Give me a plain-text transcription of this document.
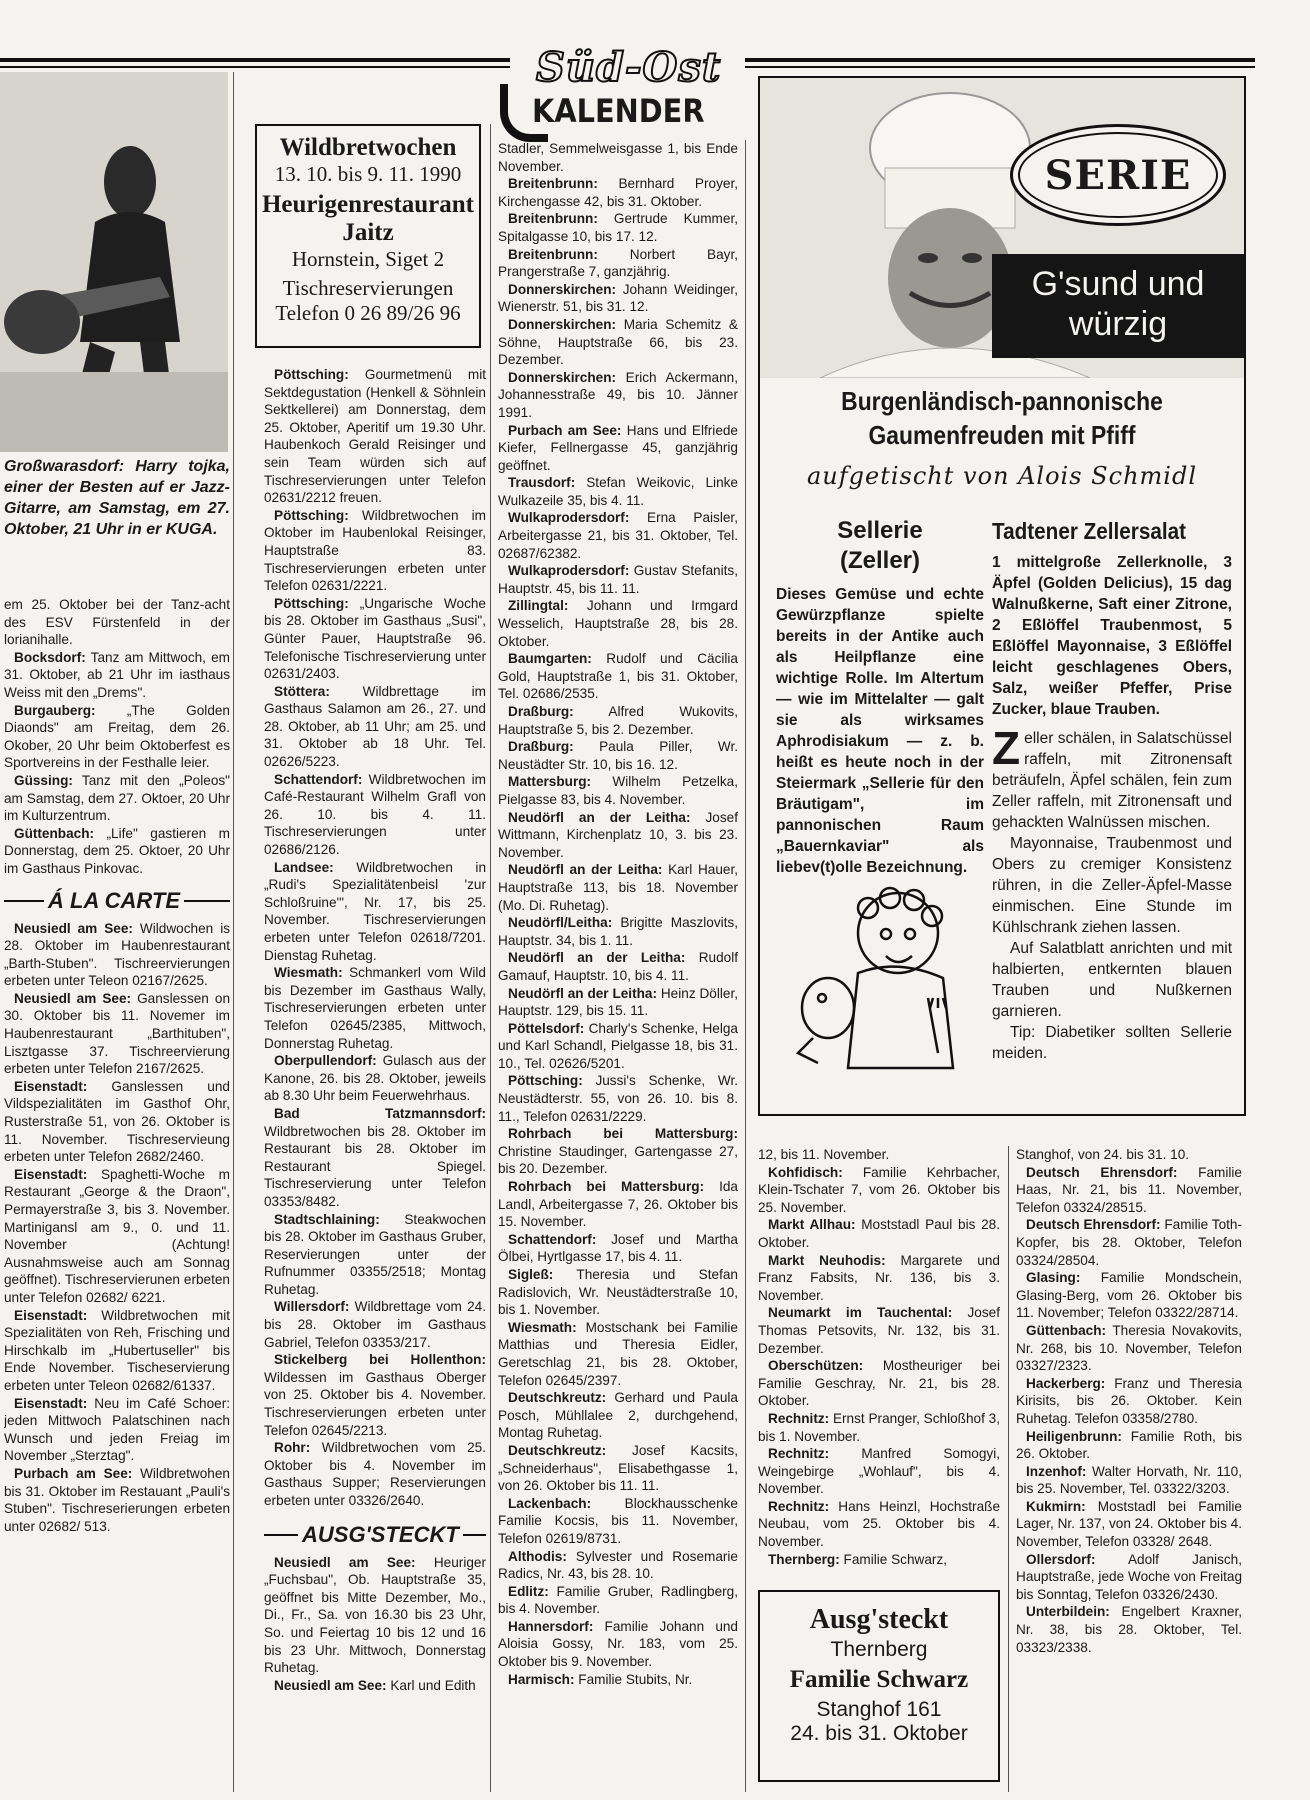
Süd-Ost
KALENDER

Großwarasdorf: Harry tojka, einer der Besten auf er Jazz-Gitarre, am Samstag, em 27. Oktober, 21 Uhr in er KUGA.

em 25. Oktober bei der Tanz-acht des ESV Fürstenfeld in der lorianihalle.

Bocksdorf: Tanz am Mittwoch, em 31. Oktober, ab 21 Uhr im iasthaus Weiss mit den „Drems".

Burgauberg: „The Golden Diaonds" am Freitag, dem 26. Okober, 20 Uhr beim Oktoberfest es Sportvereins in der Festhalle leier.

Güssing: Tanz mit den „Poleos" am Samstag, dem 27. Oktoer, 20 Uhr im Kulturzentrum.

Güttenbach: „Life" gastieren m Donnerstag, dem 25. Oktoer, 20 Uhr im Gasthaus Pinkovac.

Á LA CARTE

Neusiedl am See: Wildwochen is 28. Oktober im Haubenrestaurant „Barth-Stuben". Tischreervierungen erbeten unter Teleon 02167/2625.

Neusiedl am See: Ganslessen on 30. Oktober bis 11. Novemer im Haubenrestaurant „Barthituben", Lisztgasse 37. Tischreervierung erbeten unter Telefon 2167/2625.

Eisenstadt: Ganslessen und Vildspezialitäten im Gasthof Ohr, Rusterstraße 51, von 26. Oktober is 11. November. Tischreservieung erbeten unter Telefon 2682/2460.

Eisenstadt: Spaghetti-Woche m Restaurant „George & the Draon", Permayerstraße 3, bis 3. November. Martinigansl am 9., 0. und 11. November (Achtung! Ausnahmsweise auch am Sonnag geöffnet). Tischreservierunen erbeten unter Telefon 02682/ 6221.

Eisenstadt: Wildbretwochen mit Spezialitäten von Reh, Frisching und Hirschkalb im „Hubertuseller" bis Ende November. Tischeservierung erbeten unter Teleon 02682/61337.

Eisenstadt: Neu im Café Schoer: jeden Mittwoch Palatschinen nach Wunsch und jeden Freiag im November „Sterztag".

Purbach am See: Wildbretwohen bis 31. Oktober im Restauant „Pauli's Stuben". Tischreserierungen erbeten unter 02682/ 513.

Wildbretwochen
13. 10. bis 9. 11. 1990
Heurigenrestaurant
Jaitz
Hornstein, Siget 2
Tischreservierungen
Telefon 0 26 89/26 96

Pöttsching: Gourmetmenü mit Sektdegustation (Henkell & Söhnlein Sektkellerei) am Donnerstag, dem 25. Oktober, Aperitif um 19.30 Uhr. Haubenkoch Gerald Reisinger und sein Team würden sich auf Tischreservierungen unter Telefon 02631/2212 freuen.

Pöttsching: Wildbretwochen im Oktober im Haubenlokal Reisinger, Hauptstraße 83. Tischreservierungen erbeten unter Telefon 02631/2221.

Pöttsching: „Ungarische Woche bis 28. Oktober im Gasthaus „Susi", Günter Pauer, Hauptstraße 96. Telefonische Tischreservierung unter 02631/2403.

Stöttera: Wildbrettage im Gasthaus Salamon am 26., 27. und 28. Oktober, ab 11 Uhr; am 25. und 31. Oktober ab 18 Uhr. Tel. 02626/5223.

Schattendorf: Wildbretwochen im Café-Restaurant Wilhelm Grafl von 26. 10. bis 4. 11. Tischreservierungen unter 02686/2126.

Landsee: Wildbretwochen in „Rudi's Spezialitätenbeisl 'zur Schloßruine'", Nr. 17, bis 25. November. Tischreservierungen erbeten unter Telefon 02618/7201. Dienstag Ruhetag.

Wiesmath: Schmankerl vom Wild bis Dezember im Gasthaus Wally, Tischreservierungen erbeten unter Telefon 02645/2385, Mittwoch, Donnerstag Ruhetag.

Oberpullendorf: Gulasch aus der Kanone, 26. bis 28. Oktober, jeweils ab 8.30 Uhr beim Feuerwehrhaus.

Bad Tatzmannsdorf: Wildbretwochen bis 28. Oktober im Restaurant bis 28. Oktober im Restaurant Spiegel. Tischreservierung unter Telefon 03353/8482.

Stadtschlaining: Steakwochen bis 28. Oktober im Gasthaus Gruber, Reservierungen unter der Rufnummer 03355/2518; Montag Ruhetag.

Willersdorf: Wildbrettage vom 24. bis 28. Oktober im Gasthaus Gabriel, Telefon 03353/217.

Stickelberg bei Hollenthon: Wildessen im Gasthaus Oberger von 25. Oktober bis 4. November. Tischreservierungen erbeten unter Telefon 02645/2213.

Rohr: Wildbretwochen vom 25. Oktober bis 4. November im Gasthaus Supper; Reservierungen erbeten unter 03326/2640.

AUSG'STECKT

Neusiedl am See: Heuriger „Fuchsbau", Ob. Hauptstraße 35, geöffnet bis Mitte Dezember, Mo., Di., Fr., Sa. von 16.30 bis 23 Uhr, So. und Feiertag 10 bis 12 und 16 bis 23 Uhr. Mittwoch, Donnerstag Ruhetag.

Neusiedl am See: Karl und Edith

Stadler, Semmelweisgasse 1, bis Ende November.

Breitenbrunn: Bernhard Proyer, Kirchengasse 42, bis 31. Oktober.

Breitenbrunn: Gertrude Kummer, Spitalgasse 10, bis 17. 12.

Breitenbrunn: Norbert Bayr, Prangerstraße 7, ganzjährig.

Donnerskirchen: Johann Weidinger, Wienerstr. 51, bis 31. 12.

Donnerskirchen: Maria Schemitz & Söhne, Hauptstraße 66, bis 23. Dezember.

Donnerskirchen: Erich Ackermann, Johannesstraße 49, bis 10. Jänner 1991.

Purbach am See: Hans und Elfriede Kiefer, Fellnergasse 45, ganzjährig geöffnet.

Trausdorf: Stefan Weikovic, Linke Wulkazeile 35, bis 4. 11.

Wulkaprodersdorf: Erna Paisler, Arbeitergasse 21, bis 31. Oktober, Tel. 02687/62382.

Wulkaprodersdorf: Gustav Stefanits, Hauptstr. 45, bis 11. 11.

Zillingtal: Johann und Irmgard Wesselich, Hauptstraße 28, bis 28. Oktober.

Baumgarten: Rudolf und Cäcilia Gold, Hauptstraße 1, bis 31. Oktober, Tel. 02686/2535.

Draßburg: Alfred Wukovits, Hauptstraße 5, bis 2. Dezember.

Draßburg: Paula Piller, Wr. Neustädter Str. 10, bis 16. 12.

Mattersburg: Wilhelm Petzelka, Pielgasse 83, bis 4. November.

Neudörfl an der Leitha: Josef Wittmann, Kirchenplatz 10, 3. bis 23. November.

Neudörfl an der Leitha: Karl Hauer, Hauptstraße 113, bis 18. November (Mo. Di. Ruhetag).

Neudörfl/Leitha: Brigitte Maszlovits, Hauptstr. 34, bis 1. 11.

Neudörfl an der Leitha: Rudolf Gamauf, Hauptstr. 10, bis 4. 11.

Neudörfl an der Leitha: Heinz Döller, Hauptstr. 129, bis 15. 11.

Pöttelsdorf: Charly's Schenke, Helga und Karl Schandl, Pielgasse 18, bis 31. 10., Tel. 02626/5201.

Pöttsching: Jussi's Schenke, Wr. Neustädterstr. 55, von 26. 10. bis 8. 11., Telefon 02631/2229.

Rohrbach bei Mattersburg: Christine Staudinger, Gartengasse 27, bis 20. Dezember.

Rohrbach bei Mattersburg: Ida Landl, Arbeitergasse 7, 26. Oktober bis 15. November.

Schattendorf: Josef und Martha Ölbei, Hyrtlgasse 17, bis 4. 11.

Sigleß: Theresia und Stefan Radislovich, Wr. Neustädterstraße 10, bis 1. November.

Wiesmath: Mostschank bei Familie Matthias und Theresia Eidler, Geretschlag 21, bis 28. Oktober, Telefon 02645/2397.

Deutschkreutz: Gerhard und Paula Posch, Mühllalee 2, durchgehend, Montag Ruhetag.

Deutschkreutz: Josef Kacsits, „Schneiderhaus", Elisabethgasse 1, von 26. Oktober bis 11. 11.

Lackenbach: Blockhausschenke Familie Kocsis, bis 11. November, Telefon 02619/8731.

Althodis: Sylvester und Rosemarie Radics, Nr. 43, bis 28. 10.

Edlitz: Familie Gruber, Radlingberg, bis 4. November.

Hannersdorf: Familie Johann und Aloisia Gossy, Nr. 183, vom 25. Oktober bis 9. November.

Harmisch: Familie Stubits, Nr.

SERIE
G'sund und
würzig
Burgenländisch-pannonische
Gaumenfreuden mit Pfiff
aufgetischt von Alois Schmidl
Sellerie
(Zeller)

Dieses Gemüse und echte Gewürzpflanze spielte bereits in der Antike auch als Heilpflanze eine wichtige Rolle. Im Altertum — wie im Mittelalter — galt sie als wirksames Aphrodisiakum — z. b. heißt es heute noch in der Steiermark „Sellerie für den Bräutigam", im pannonischen Raum „Bauernkaviar" als liebev(t)olle Bezeichnung.

Tadtener Zellersalat

1 mittelgroße Zellerknolle, 3 Äpfel (Golden Delicius), 15 dag Walnußkerne, Saft einer Zitrone, 2 Eßlöffel Traubenmost, 5 Eßlöffel Mayonnaise, 3 Eßlöffel leicht geschlagenes Obers, Salz, weißer Pfeffer, Prise Zucker, blaue Trauben.

Zeller schälen, in Salatschüssel raffeln, mit Zitronensaft beträufeln, Äpfel schälen, fein zum Zeller raffeln, mit Zitronensaft und gehackten Walnüssen mischen.

Mayonnaise, Traubenmost und Obers zu cremiger Konsistenz rühren, in die Zeller-Äpfel-Masse einmischen. Eine Stunde im Kühlschrank ziehen lassen.

Auf Salatblatt anrichten und mit halbierten, entkernten blauen Trauben und Nußkernen garnieren.

Tip: Diabetiker sollten Sellerie meiden.

12, bis 11. November.

Kohfidisch: Familie Kehrbacher, Klein-Tschater 7, vom 26. Oktober bis 25. November.

Markt Allhau: Moststadl Paul bis 28. Oktober.

Markt Neuhodis: Margarete und Franz Fabsits, Nr. 136, bis 3. November.

Neumarkt im Tauchental: Josef Thomas Petsovits, Nr. 132, bis 31. Dezember.

Oberschützen: Mostheuriger bei Familie Geschray, Nr. 21, bis 28. Oktober.

Rechnitz: Ernst Pranger, Schloßhof 3, bis 1. November.

Rechnitz: Manfred Somogyi, Weingebirge „Wohlauf", bis 4. November.

Rechnitz: Hans Heinzl, Hochstraße Neubau, vom 25. Oktober bis 4. November.

Thernberg: Familie Schwarz,

Ausg'steckt
Thernberg
Familie Schwarz
Stanghof 161
24. bis 31. Oktober

Stanghof, von 24. bis 31. 10.

Deutsch Ehrensdorf: Familie Haas, Nr. 21, bis 11. November, Telefon 03324/28515.

Deutsch Ehrensdorf: Familie Toth-Kopfer, bis 28. Oktober, Telefon 03324/28504.

Glasing: Familie Mondschein, Glasing-Berg, vom 26. Oktober bis 11. November; Telefon 03322/28714.

Güttenbach: Theresia Novakovits, Nr. 268, bis 10. November, Telefon 03327/2323.

Hackerberg: Franz und Theresia Kirisits, bis 26. Oktober. Kein Ruhetag. Telefon 03358/2780.

Heiligenbrunn: Familie Roth, bis 26. Oktober.

Inzenhof: Walter Horvath, Nr. 110, bis 25. November, Tel. 03322/3203.

Kukmirn: Moststadl bei Familie Lager, Nr. 137, von 24. Oktober bis 4. November, Telefon 03328/ 2648.

Ollersdorf: Adolf Janisch, Hauptstraße, jede Woche von Freitag bis Sonntag, Telefon 03326/2430.

Unterbildein: Engelbert Kraxner, Nr. 38, bis 28. Oktober, Tel. 03323/2338.
